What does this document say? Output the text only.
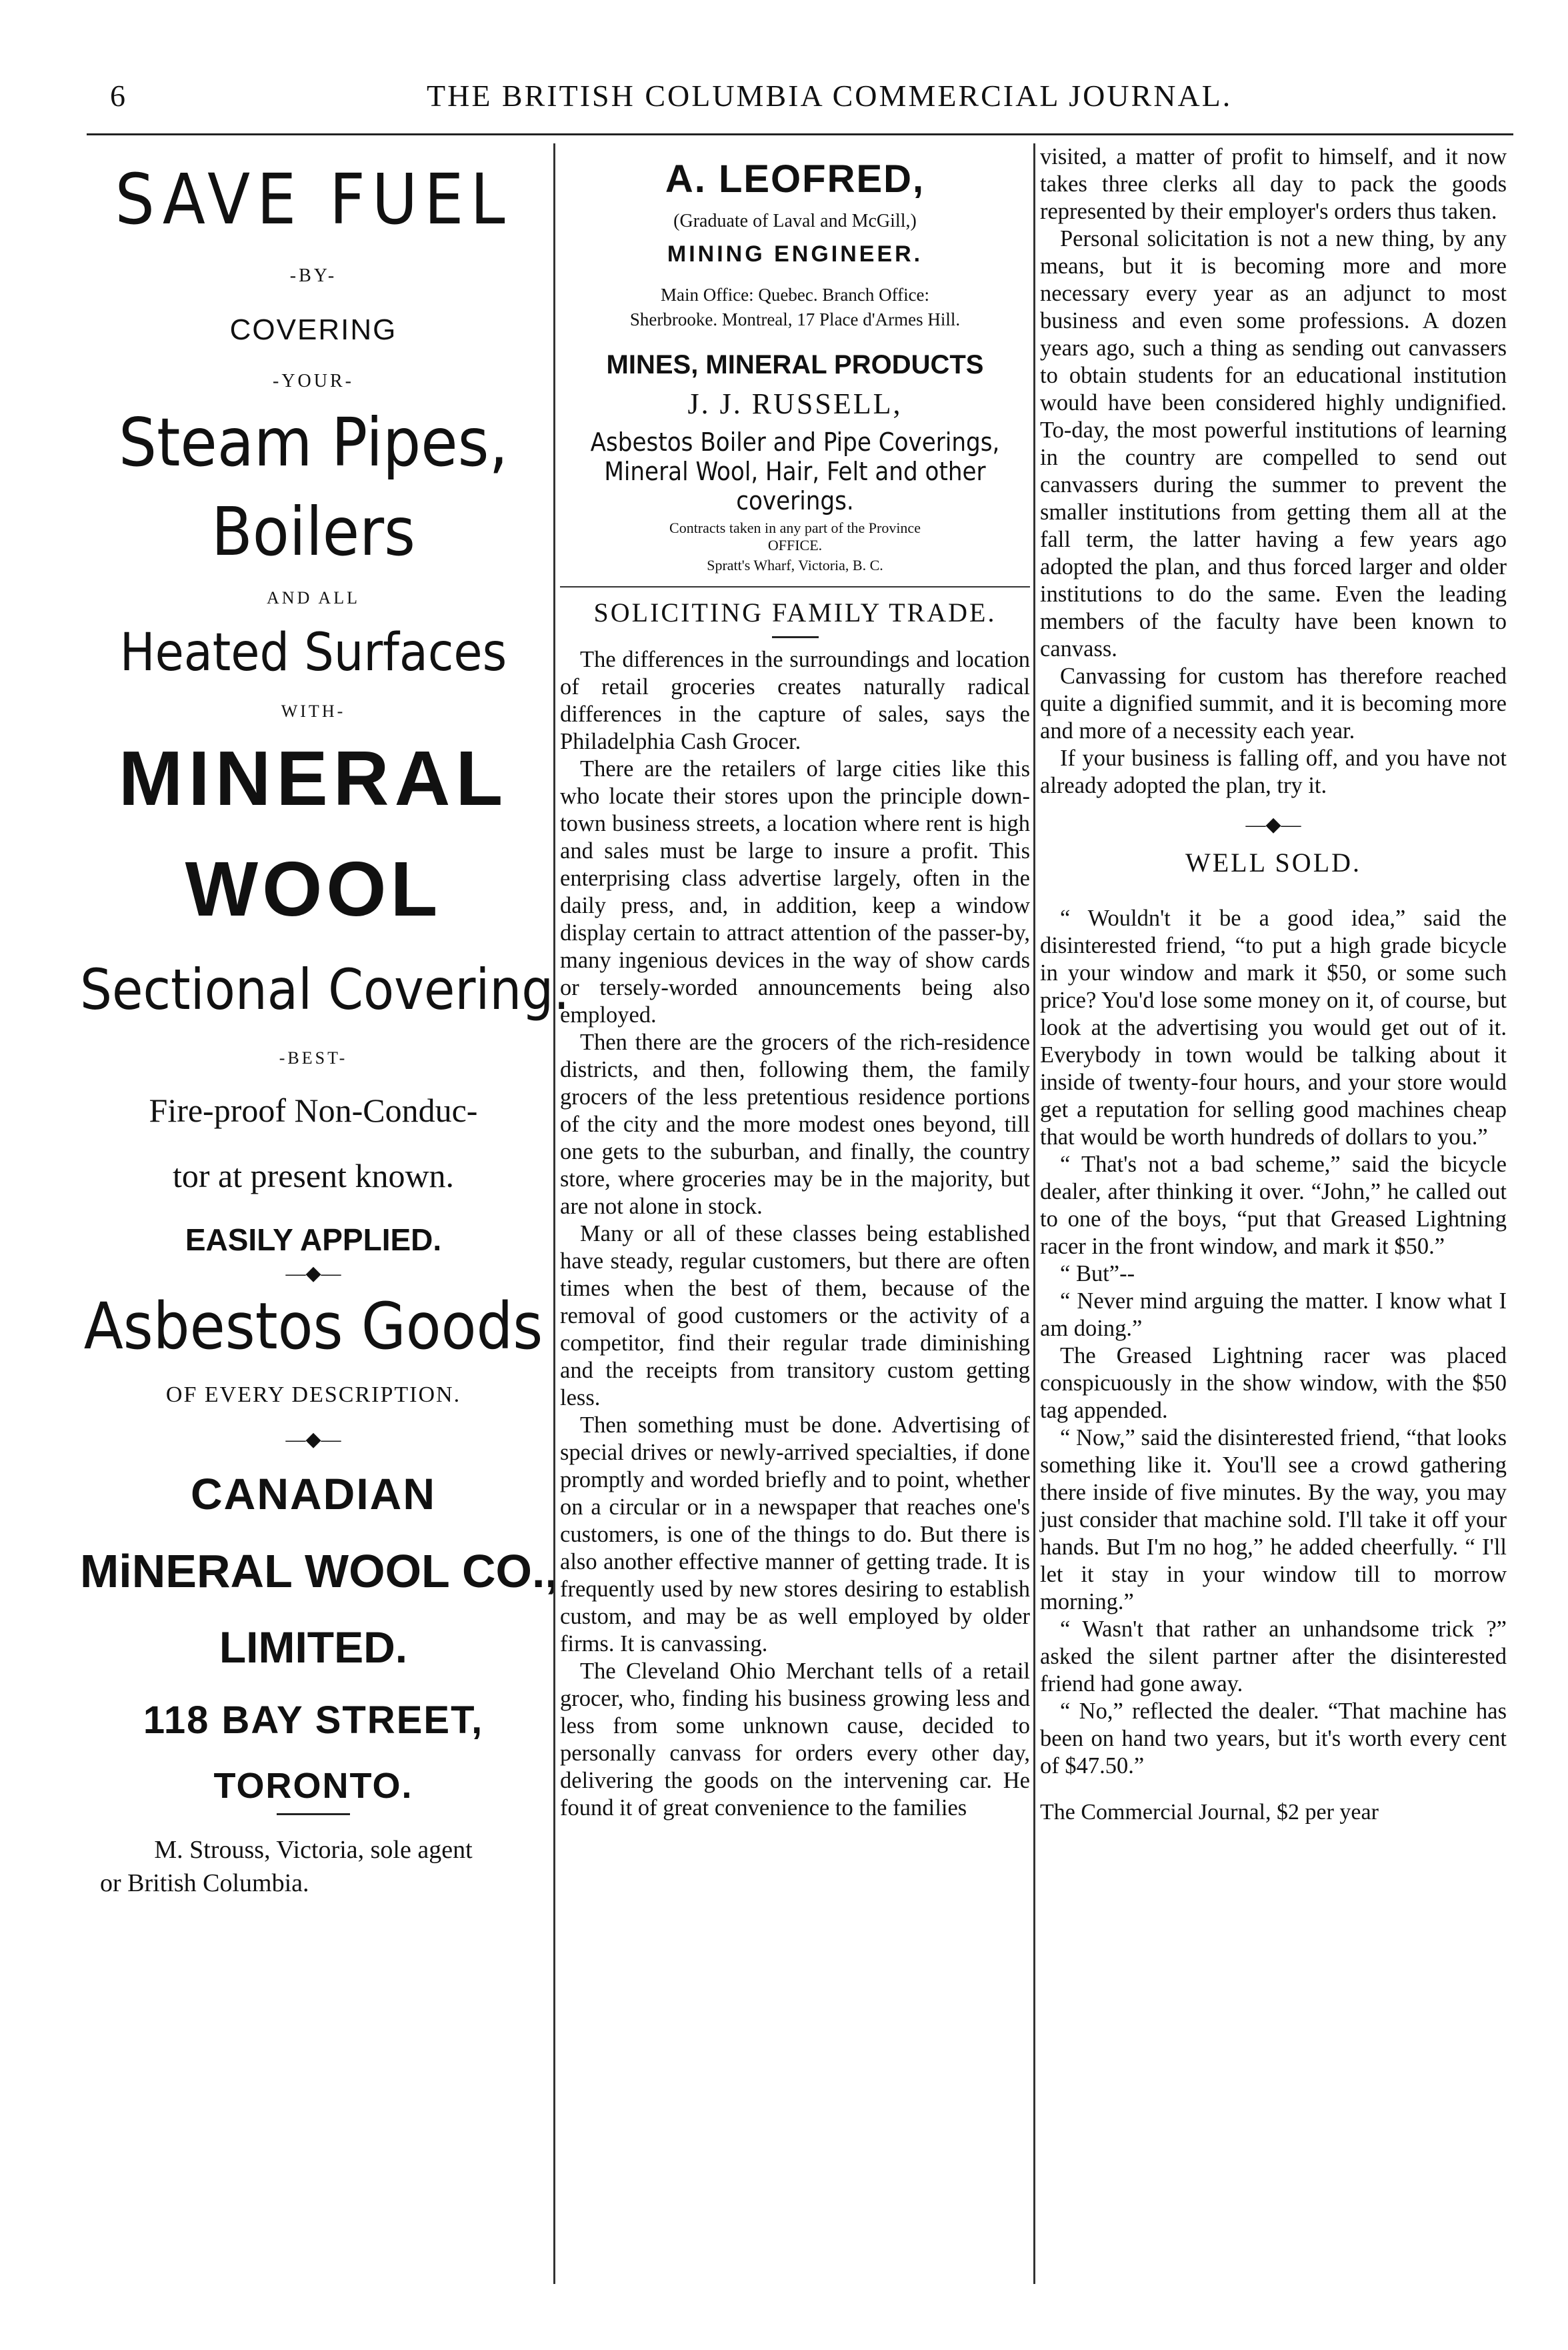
6	THE BRITISH COLUMBIA COMMERCIAL JOURNAL.

SAVE FUEL

-BY-

COVERING

-YOUR-

Steam Pipes,

Boilers

AND ALL

Heated Surfaces

WITH-

MINERAL

WOOL

Sectional Covering.

-BEST-

Fire-proof Non-Conduc-

tor at present known.

EASILY APPLIED.

—◆—

Asbestos Goods

OF EVERY DESCRIPTION.

—◆—

CANADIAN

MiNERAL WOOL CO.,

LIMITED.

118 BAY STREET,

TORONTO.

M. Strouss, Victoria, sole agent

or British Columbia.

A. LEOFRED,

(Graduate of Laval and McGill,)

MINING ENGINEER.

Main Office: Quebec. Branch Office:

Sherbrooke. Montreal, 17 Place d'Armes Hill.

MINES, MINERAL PRODUCTS

J. J. RUSSELL,

Asbestos Boiler and Pipe Coverings,

Mineral Wool, Hair, Felt and other

coverings.

Contracts taken in any part of the Province

OFFICE.

Spratt's Wharf, Victoria, B. C.

SOLICITING FAMILY TRADE.

The differences in the surroundings and location of retail groceries creates naturally radical differences in the capture of sales, says the Philadelphia Cash Grocer.

There are the retailers of large cities like this who locate their stores upon the principle down-town business streets, a location where rent is high and sales must be large to insure a profit. This enterprising class advertise largely, often in the daily press, and, in addition, keep a window display certain to attract attention of the passer-by, many ingenious devices in the way of show cards or tersely-worded announcements being also employed.

Then there are the grocers of the rich-residence districts, and then, following them, the family grocers of the less pretentious residence portions of the city and the more modest ones beyond, till one gets to the suburban, and finally, the country store, where groceries may be in the majority, but are not alone in stock.

Many or all of these classes being established have steady, regular customers, but there are often times when the best of them, because of the removal of good customers or the activity of a competitor, find their regular trade diminishing and the receipts from transitory custom getting less.

Then something must be done. Advertising of special drives or newly-arrived specialties, if done promptly and worded briefly and to point, whether on a circular or in a newspaper that reaches one's customers, is one of the things to do. But there is also another effective manner of getting trade. It is frequently used by new stores desiring to establish custom, and may be as well employed by older firms. It is canvassing.

The Cleveland Ohio Merchant tells of a retail grocer, who, finding his business growing less and less from some unknown cause, decided to personally canvass for orders every other day, delivering the goods on the intervening car. He found it of great convenience to the families

visited, a matter of profit to himself, and it now takes three clerks all day to pack the goods represented by their employer's orders thus taken.

Personal solicitation is not a new thing, by any means, but it is becoming more and more necessary every year as an adjunct to most business and even some professions. A dozen years ago, such a thing as sending out canvassers to obtain students for an educational institution would have been considered highly undignified. To-day, the most powerful institutions of learning in the country are compelled to send out canvassers during the summer to prevent the smaller institutions from getting them all at the fall term, the latter having a few years ago adopted the plan, and thus forced larger and older institutions to do the same. Even the leading members of the faculty have been known to canvass.

Canvassing for custom has therefore reached quite a dignified summit, and it is becoming more and more of a necessity each year.

If your business is falling off, and you have not already adopted the plan, try it.

—◆—

WELL SOLD.

“ Wouldn't it be a good idea,” said the disinterested friend, “to put a high grade bicycle in your window and mark it $50, or some such price? You'd lose some money on it, of course, but look at the advertising you would get out of it. Everybody in town would be talking about it inside of twenty-four hours, and your store would get a reputation for selling good machines cheap that would be worth hundreds of dollars to you.”

“ That's not a bad scheme,” said the bicycle dealer, after thinking it over. “John,” he called out to one of the boys, “put that Greased Lightning racer in the front window, and mark it $50.”

“ But”--

“ Never mind arguing the matter. I know what I am doing.”

The Greased Lightning racer was placed conspicuously in the show window, with the $50 tag appended.

“ Now,” said the disinterested friend, “that looks something like it. You'll see a crowd gathering there inside of five minutes. By the way, you may just consider that machine sold. I'll take it off your hands. But I'm no hog,” he added cheerfully. “ I'll let it stay in your window till to morrow morning.”

“ Wasn't that rather an unhandsome trick ?” asked the silent partner after the disinterested friend had gone away.

“ No,” reflected the dealer. “That machine has been on hand two years, but it's worth every cent of $47.50.”

The Commercial Journal, $2 per year
